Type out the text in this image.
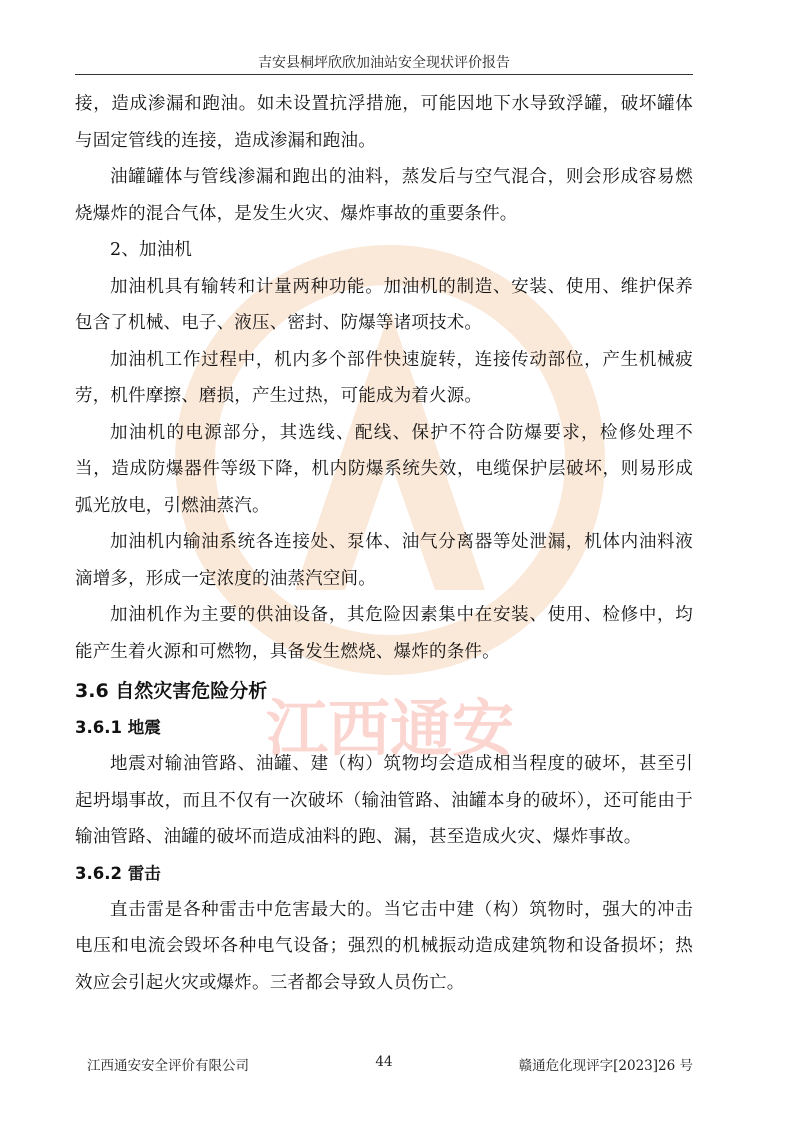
吉安县桐坪欣欣加油站安全现状评价报告
江西通安

接，造成渗漏和跑油。如未设置抗浮措施，可能因地下水导致浮罐，破坏罐体与固定管线的连接，造成渗漏和跑油。

油罐罐体与管线渗漏和跑出的油料，蒸发后与空气混合，则会形成容易燃烧爆炸的混合气体，是发生火灾、爆炸事故的重要条件。

2、加油机

加油机具有输转和计量两种功能。加油机的制造、安装、使用、维护保养包含了机械、电子、液压、密封、防爆等诸项技术。

加油机工作过程中，机内多个部件快速旋转，连接传动部位，产生机械疲劳，机件摩擦、磨损，产生过热，可能成为着火源。

加油机的电源部分，其选线、配线、保护不符合防爆要求，检修处理不当，造成防爆器件等级下降，机内防爆系统失效，电缆保护层破坏，则易形成弧光放电，引燃油蒸汽。

加油机内输油系统各连接处、泵体、油气分离器等处泄漏，机体内油料液滴增多，形成一定浓度的油蒸汽空间。

加油机作为主要的供油设备，其危险因素集中在安装、使用、检修中，均能产生着火源和可燃物，具备发生燃烧、爆炸的条件。

3.6 自然灾害危险分析
3.6.1 地震

地震对输油管路、油罐、建（构）筑物均会造成相当程度的破坏，甚至引起坍塌事故，而且不仅有一次破坏（输油管路、油罐本身的破坏），还可能由于输油管路、油罐的破坏而造成油料的跑、漏，甚至造成火灾、爆炸事故。

3.6.2 雷击

直击雷是各种雷击中危害最大的。当它击中建（构）筑物时，强大的冲击电压和电流会毁坏各种电气设备；强烈的机械振动造成建筑物和设备损坏；热效应会引起火灾或爆炸。三者都会导致人员伤亡。

江西通安安全评价有限公司	44	赣通危化现评字[2023]26 号
